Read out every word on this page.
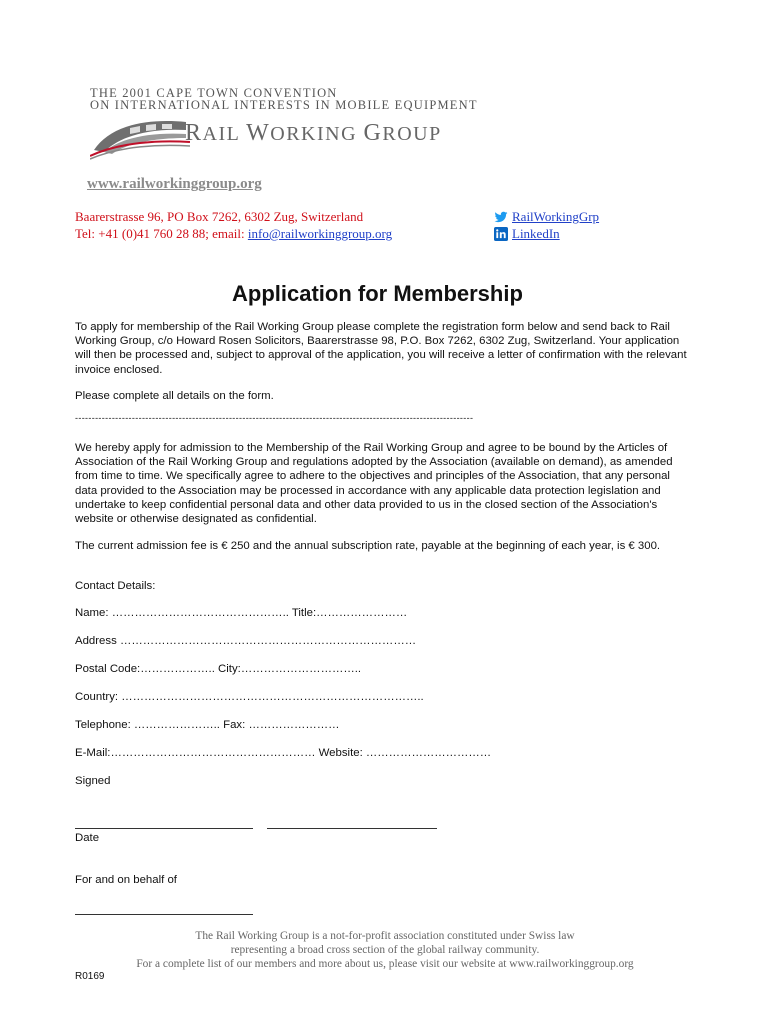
THE 2001 CAPE TOWN CONVENTION
ON INTERNATIONAL INTERESTS IN MOBILE EQUIPMENT
RAIL WORKING GROUP
www.railworkinggroup.org
Baarerstrasse 96, PO Box 7262, 6302 Zug, Switzerland
Tel: +41 (0)41 760 28 88; email: info@railworkinggroup.org
RailWorkingGrp
LinkedIn
Application for Membership
To apply for membership of the Rail Working Group please complete the registration form below and send back to Rail Working Group, c/o Howard Rosen Solicitors, Baarerstrasse 98, P.O. Box 7262, 6302 Zug, Switzerland. Your application will then be processed and, subject to approval of the application, you will receive a letter of confirmation with the relevant invoice enclosed.
Please complete all details on the form.
-----------------------------------------------------------------------------------------------------------------------
We hereby apply for admission to the Membership of the Rail Working Group and agree to be bound by the Articles of Association of the Rail Working Group and regulations adopted by the Association (available on demand), as amended from time to time. We specifically agree to adhere to the objectives and principles of the Association, that any personal data provided to the Association may be processed in accordance with any applicable data protection legislation and undertake to keep confidential personal data and other data provided to us in the closed section of the Association's website or otherwise designated as confidential.
The current admission fee is € 250 and the annual subscription rate, payable at the beginning of each year, is € 300.
Contact Details:
Name: ……………………………………….. Title:……………………
Address ……………………………………………………………………
Postal Code:……………….. City:…………………………..
Country: ……………………………………………………………………..
Telephone: ………………….. Fax: ……………………
E-Mail:……………………………………………… Website: ……………………………
Signed
Date
For and on behalf of
The Rail Working Group is a not-for-profit association constituted under Swiss law
representing a broad cross section of the global railway community.
For a complete list of our members and more about us, please visit our website at www.railworkinggroup.org
R0169
